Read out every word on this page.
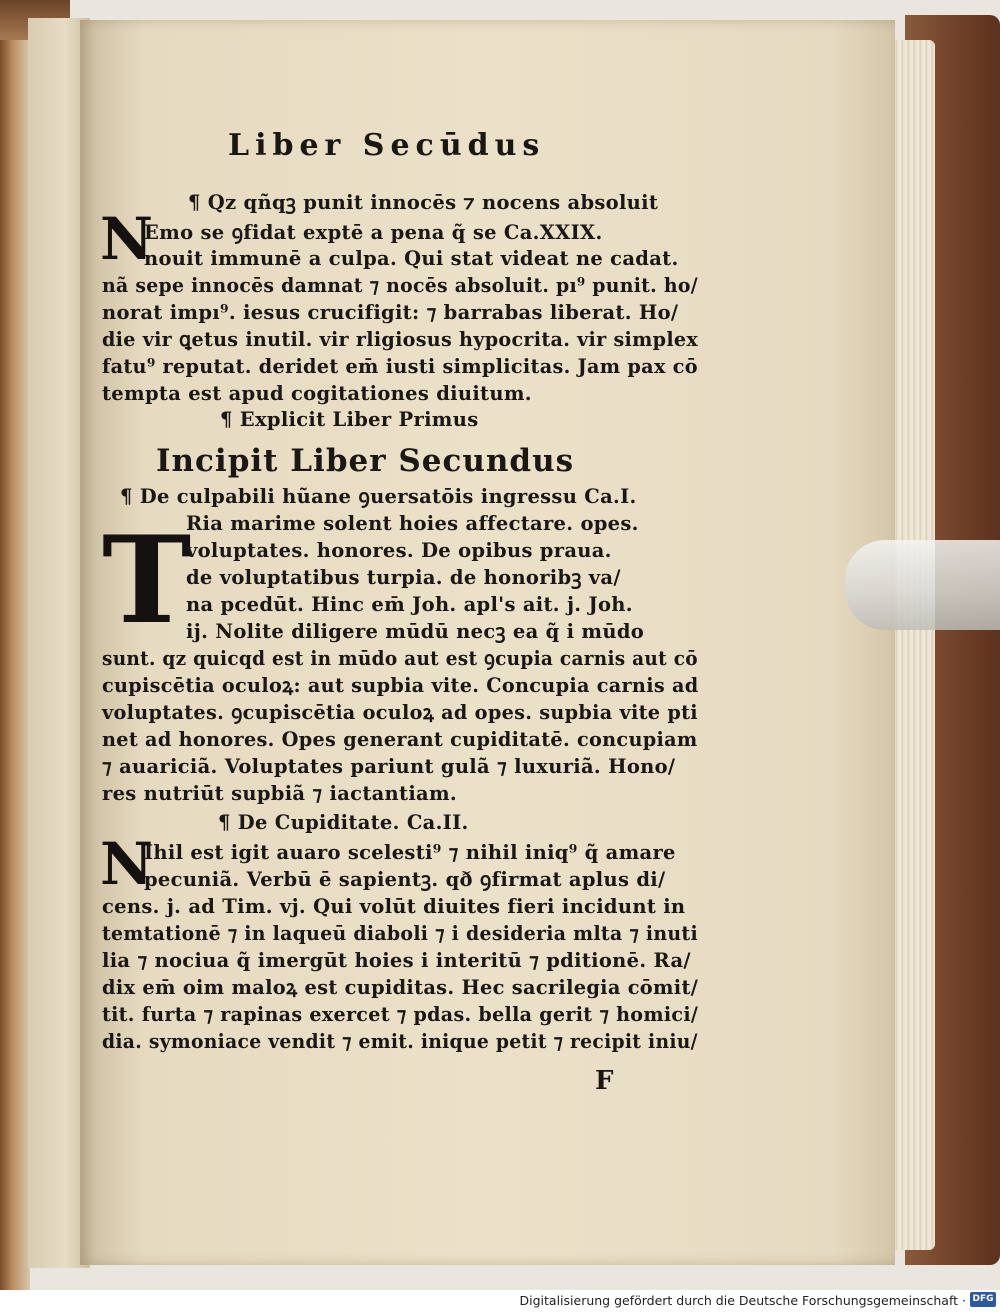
Liber Secūdus
N
T
N
¶ Qz qñqꝫ punit innocēs ⁊ nocens absoluit
Emo se ꝯfidat exptē a pena q̃ se Ca.XXIX.
nouit immunē a culpa. Qui stat videat ne cadat.
nã sepe innocēs damnat ⁊ nocēs absoluit. pı⁹ punit. ho/
norat impı⁹. iesus crucifigit: ⁊ barrabas liberat. Ho/
die vir ꝗetus inutil. vir rligiosus hypocrita. vir simplex
fatu⁹ reputat. deridet em̄ iusti simplicitas. Jam pax cō
tempta est apud cogitationes diuitum.
¶ Explicit Liber Primus
Incipit Liber Secundus
¶ De culpabili hũane ꝯuersatōis ingressu Ca.I.
Ria marime solent hoies affectare. opes.
voluptates. honores. De opibus praua.
de voluptatibus turpia. de honoribꝫ va/
na pcedūt. Hinc em̄ Joh. apl's ait. j. Joh.
ij. Nolite diligere mūdū necꝫ ea q̃ i mūdo
sunt. qz quicqd est in mūdo aut est ꝯcupia carnis aut cō
cupiscētia oculoꝝ: aut supbia vite. Concupia carnis ad
voluptates. ꝯcupiscētia oculoꝝ ad opes. supbia vite pti
net ad honores. Opes generant cupiditatē. concupiam
⁊ auariciã. Voluptates pariunt gulã ⁊ luxuriã. Hono/
res nutriūt supbiã ⁊ iactantiam.
¶ De Cupiditate. Ca.II.
Ihil est igit auaro scelesti⁹ ⁊ nihil iniq⁹ q̃ amare
pecuniã. Verbū ē sapientꝫ. qð ꝯfirmat aplus di/
cens. j. ad Tim. vj. Qui volūt diuites fieri incidunt in
temtationē ⁊ in laqueū diaboli ⁊ i desideria mlta ⁊ inuti
lia ⁊ nociua q̃ imergūt hoies i interitū ⁊ pditionē. Ra/
dix em̄ oim maloꝝ est cupiditas. Hec sacrilegia cōmit/
tit. furta ⁊ rapinas exercet ⁊ pdas. bella gerit ⁊ homici/
dia. symoniace vendit ⁊ emit. inique petit ⁊ recipit iniu/
F
Digitalisierung gefördert durch die Deutsche Forschungsgemeinschaft · DFG
